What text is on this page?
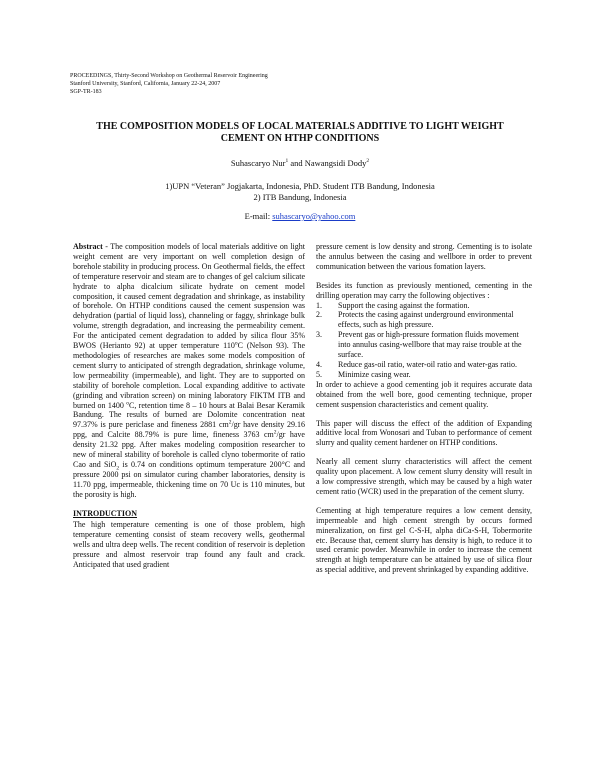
PROCEEDINGS, Thirty-Second Workshop on Geothermal Reservoir Engineering
Stanford University, Stanford, California, January 22-24, 2007
SGP-TR-183
THE COMPOSITION MODELS OF LOCAL MATERIALS ADDITIVE TO LIGHT WEIGHT CEMENT ON HTHP CONDITIONS
Suhascaryo Nur$^1$ and Nawangsidi Dody$^2$
1)UPN “Veteran” Jogjakarta, Indonesia, PhD. Student ITB Bandung, Indonesia
2) ITB Bandung, Indonesia
E-mail: suhascaryo@yahoo.com

Abstract - The composition models of local materials additive on light weight cement are very important on well completion design of borehole stability in producing process. On Geothermal fields, the effect of temperature reservoir and steam are to changes of gel calcium silicate hydrate to alpha dicalcium silicate hydrate on cement model composition, it caused cement degradation and shrinkage, as instability of borehole. On HTHP conditions caused the cement suspension was dehydration (partial of liquid loss), channeling or faggy, shrinkage bulk volume, strength degradation, and increasing the permeability cement. For the anticipated cement degradation to added by silica flour 35% BWOS (Herianto 92) at upper temperature 110$^o$C (Nelson 93). The methodologies of researches are makes some models composition of cement slurry to anticipated of strength degradation, shrinkage volume, low permeability (impermeable), and light. They are to supported on stability of borehole completion. Local expanding additive to activate (grinding and vibration screen) on mining laboratory FIKTM ITB and burned on 1400 $^o$C, retention time 8 – 10 hours at Balai Besar Keramik Bandung. The results of burned are Dolomite concentration neat 97.37% is pure periclase and fineness 2881 $cm^2/gr$ have density 29.16 ppg, and Calcite 88.79% is pure lime, fineness 3763 $cm^2/gr$ have density 21.32 ppg. After makes modeling composition researcher to new of mineral stability of borehole is called clyno tobermorite of ratio Cao and SiO$_2$ is 0.74 on conditions optimum temperature 200°C and pressure 2000 psi on simulator curing chamber laboratories, density is 11.70 ppg, impermeable, thickening time on 70 Uc is 110 minutes, but the porosity is high.

INTRODUCTION

The high temperature cementing is one of those problem, high temperature cementing consist of steam recovery wells, geothermal wells and ultra deep wells. The recent condition of reservoir is depletion pressure and almost reservoir trap found any fault and crack. Anticipated that used gradient

pressure cement is low density and strong. Cementing is to isolate the annulus between the casing and wellbore in order to prevent communication between the various fomation layers.

Besides its function as previously mentioned, cementing in the drilling operation may carry the following objectives :

1. Support the casing against the formation.
2. Protects the casing against underground environmental effects, such as high pressure.
3. Prevent gas or high-pressure formation fluids movement into annulus casing-wellbore that may raise trouble at the surface.
4. Reduce gas-oil ratio, water-oil ratio and water-gas ratio.
5. Minimize casing wear.

In order to achieve a good cementing job it requires accurate data obtained from the well bore, good cementing technique, proper cement suspension characteristics and cement quality.

This paper will discuss the effect of the addition of Expanding additive local from Wonosari and Tuban to performance of cement slurry and quality cement hardener on HTHP conditions.

Nearly all cement slurry characteristics will affect the cement quality upon placement. A low cement slurry density will result in a low compressive strength, which may be caused by a high water cement ratio (WCR) used in the preparation of the cement slurry.

Cementing at high temperature requires a low cement density, impermeable and high cement strength by occurs formed mineralization, on first gel C-S-H, alpha diCa-S-H, Tobermorite etc. Because that, cement slurry has density is high, to reduce it to used ceramic powder. Meanwhile in order to increase the cement strength at high temperature can be attained by use of silica flour as special additive, and prevent shrinkaged by expanding additive.
